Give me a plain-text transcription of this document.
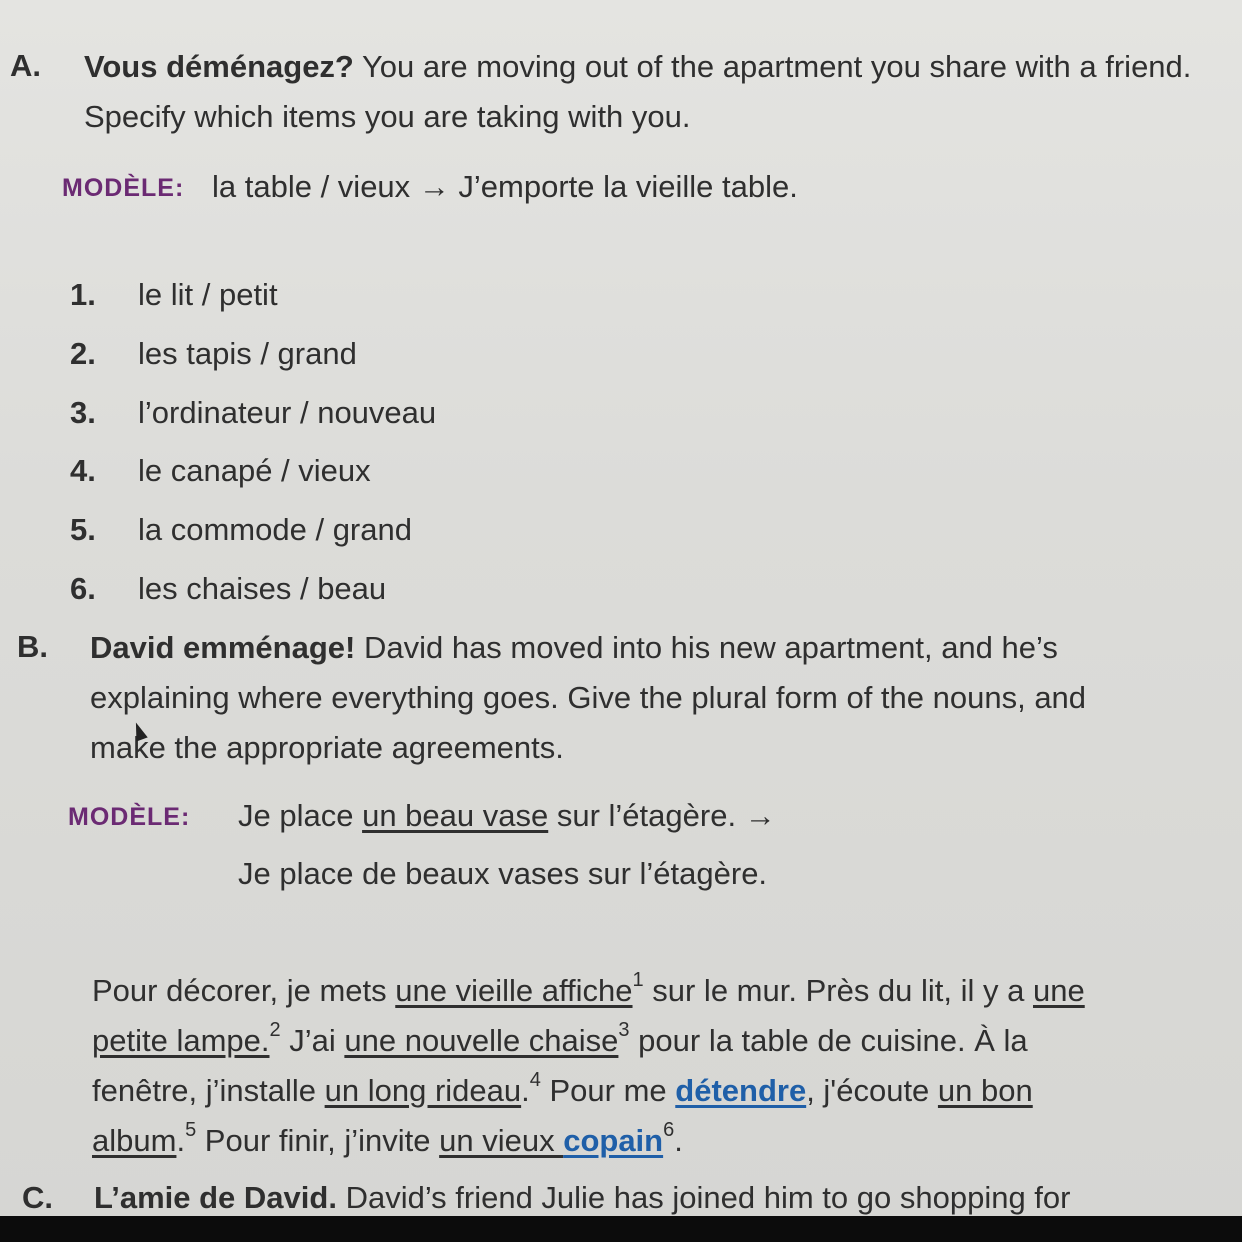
A. Vous déménagez? You are moving out of the apartment you share with a friend. Specify which items you are taking with you.
MODÈLE: la table / vieux → J’emporte la vieille table.
1. le lit / petit
2. les tapis / grand
3. l’ordinateur / nouveau
4. le canapé / vieux
5. la commode / grand
6. les chaises / beau
B. David emménage! David has moved into his new apartment, and he’s explaining where everything goes. Give the plural form of the nouns, and make the appropriate agreements.
MODÈLE: Je place un beau vase sur l’étagère. →
Je place de beaux vases sur l’étagère.
Pour décorer, je mets une vieille affiche$^1$ sur le mur. Près du lit, il y a une
petite lampe.$^2$ J’ai une nouvelle chaise$^3$ pour la table de cuisine. À la
fenêtre, j’installe un long rideau.$^4$ Pour me détendre, j'écoute un bon
album.$^5$ Pour finir, j’invite un vieux copain$^6$.
C. L’amie de David. David’s friend Julie has joined him to go shopping for
